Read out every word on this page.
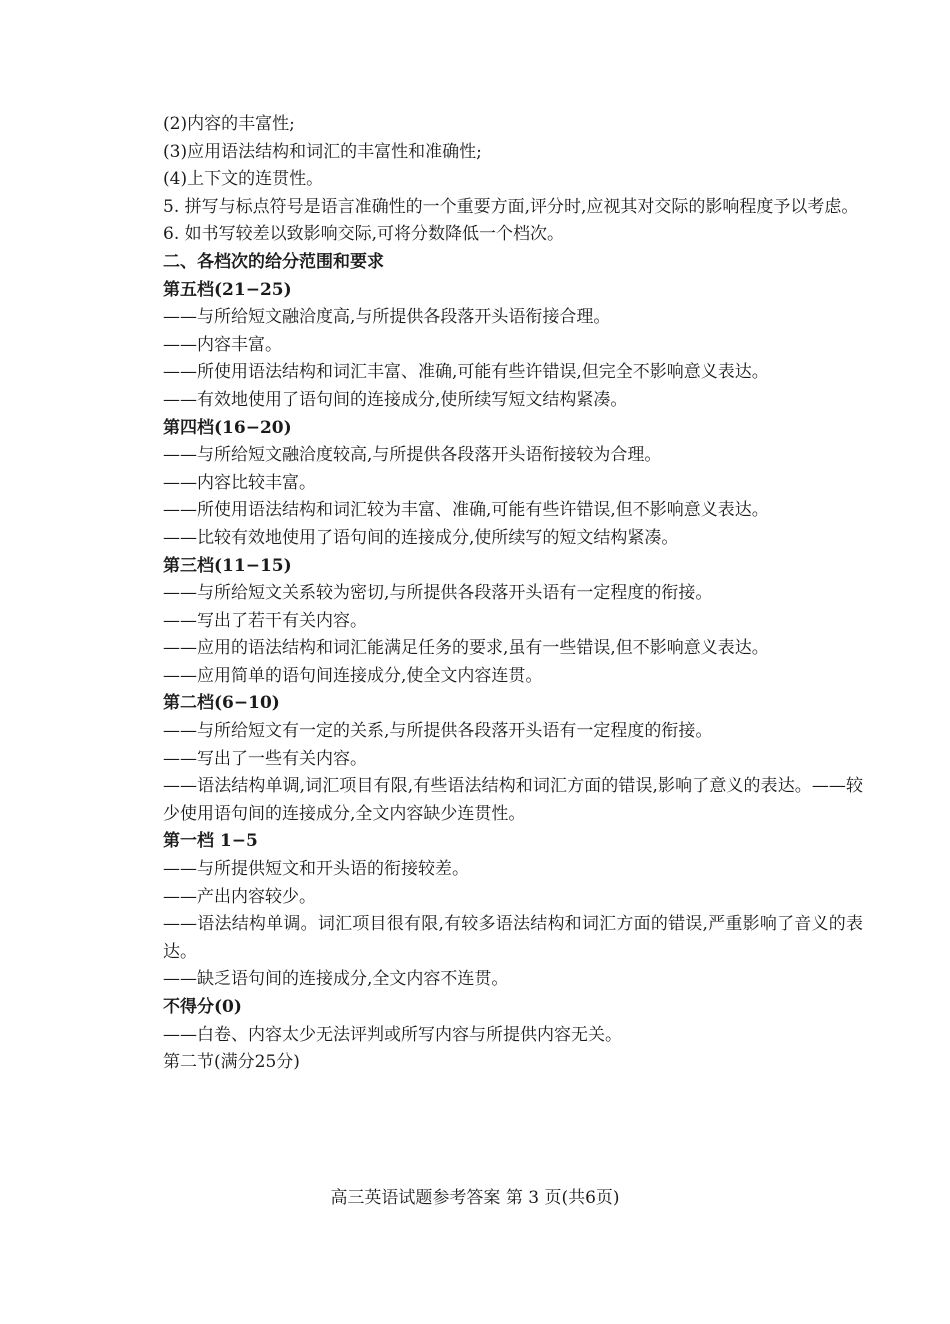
(2)内容的丰富性;

(3)应用语法结构和词汇的丰富性和准确性;

(4)上下文的连贯性。

5. 拼写与标点符号是语言准确性的一个重要方面,评分时,应视其对交际的影响程度予以考虑。

6. 如书写较差以致影响交际,可将分数降低一个档次。

二、各档次的给分范围和要求

第五档(21−25)

——与所给短文融洽度高,与所提供各段落开头语衔接合理。

——内容丰富。

——所使用语法结构和词汇丰富、准确,可能有些许错误,但完全不影响意义表达。

——有效地使用了语句间的连接成分,使所续写短文结构紧凑。

第四档(16−20)

——与所给短文融洽度较高,与所提供各段落开头语衔接较为合理。

——内容比较丰富。

——所使用语法结构和词汇较为丰富、准确,可能有些许错误,但不影响意义表达。

——比较有效地使用了语句间的连接成分,使所续写的短文结构紧凑。

第三档(11−15)

——与所给短文关系较为密切,与所提供各段落开头语有一定程度的衔接。

——写出了若干有关内容。

——应用的语法结构和词汇能满足任务的要求,虽有一些错误,但不影响意义表达。

——应用简单的语句间连接成分,使全文内容连贯。

第二档(6−10)

——与所给短文有一定的关系,与所提供各段落开头语有一定程度的衔接。

——写出了一些有关内容。

——语法结构单调,词汇项目有限,有些语法结构和词汇方面的错误,影响了意义的表达。——较少使用语句间的连接成分,全文内容缺少连贯性。

第一档 1−5

——与所提供短文和开头语的衔接较差。

——产出内容较少。

——语法结构单调。词汇项目很有限,有较多语法结构和词汇方面的错误,严重影响了音义的表达。

——缺乏语句间的连接成分,全文内容不连贯。

不得分(0)

——白卷、内容太少无法评判或所写内容与所提供内容无关。

第二节(满分25分)

高三英语试题参考答案 第 3 页(共6页)
